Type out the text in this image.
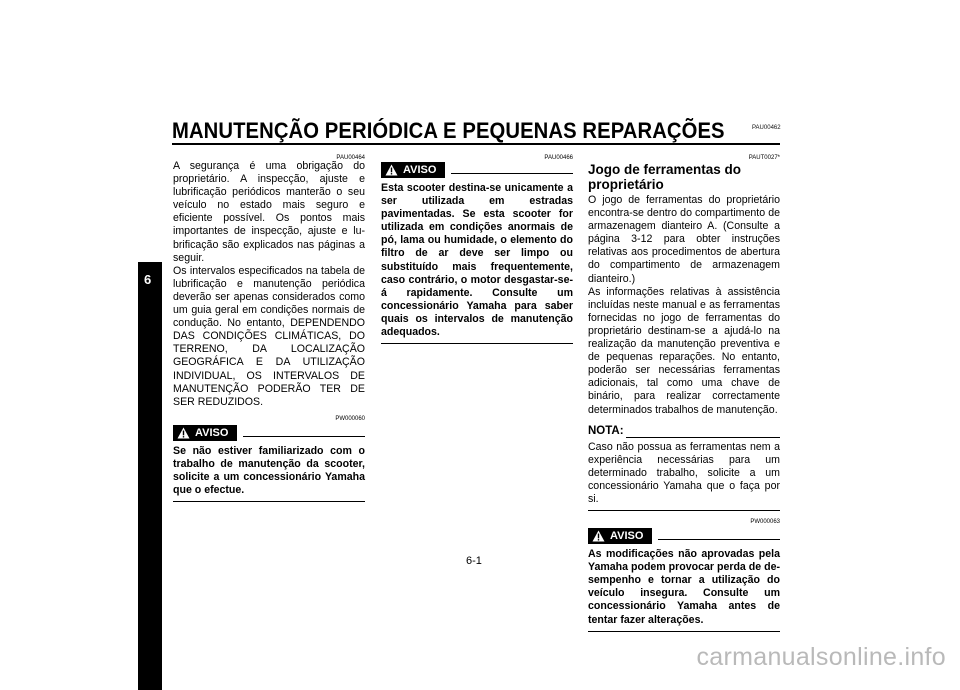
PAU00462
MANUTENÇÃO PERIÓDICA E PEQUENAS REPARAÇÕES
6
PAU00464

A segurança é uma obrigação do proprietário. A inspecção, ajuste e lubrificação periódicos manterão o seu veículo no estado mais seguro e eficiente possível. Os pontos mais importantes de inspecção, ajuste e lubrificação são explicados nas páginas a seguir.

Os intervalos especificados na tabela de lubrificação e manutenção periódica deverão ser apenas considerados como um guia geral em condições normais de condução. No entanto, DEPENDENDO DAS CONDIÇÕES CLIMÁTICAS, DO TERRENO, DA LOCALIZAÇÃO GEOGRÁFICA E DA UTILIZAÇÃO INDIVIDUAL, OS INTERVALOS DE MANUTENÇÃO PODERÃO TER DE SER REDUZIDOS.

PW000060
AVISO

Se não estiver familiarizado com o trabalho de manutenção da scooter, solicite a um concessionário Yamaha que o efectue.

PAU00466
AVISO

Esta scooter destina-se unicamente a ser utilizada em estradas pavimentadas. Se esta scooter for utilizada em condições anormais de pó, lama ou humidade, o elemento do filtro de ar deve ser limpo ou substituído mais frequentemente, caso contrário, o motor desgastar-se-á rapidamente. Consulte um concessionário Yamaha para saber quais os intervalos de manutenção adequados.

PAUT0027*
Jogo de ferramentas do proprietário

O jogo de ferramentas do proprietário encontra-se dentro do compartimento de armazenagem dianteiro A. (Consulte a página 3-12 para obter instruções relativas aos procedimentos de abertura do compartimento de armazenagem dianteiro.)

As informações relativas à assistência incluídas neste manual e as ferramentas fornecidas no jogo de ferramentas do proprietário destinam-se a ajudá-lo na realização da manutenção preventiva e de pequenas reparações. No entanto, poderão ser necessárias ferramentas adicionais, tal como uma chave de binário, para realizar correctamente determinados trabalhos de manutenção.

NOTA:

Caso não possua as ferramentas nem a experiência necessárias para um determinado trabalho, solicite a um concessionário Yamaha que o faça por si.

PW000063
AVISO

As modificações não aprovadas pela Yamaha podem provocar perda de desempenho e tornar a utilização do veículo insegura. Consulte um concessionário Yamaha antes de tentar fazer alterações.

6-1
carmanualsonline.info
